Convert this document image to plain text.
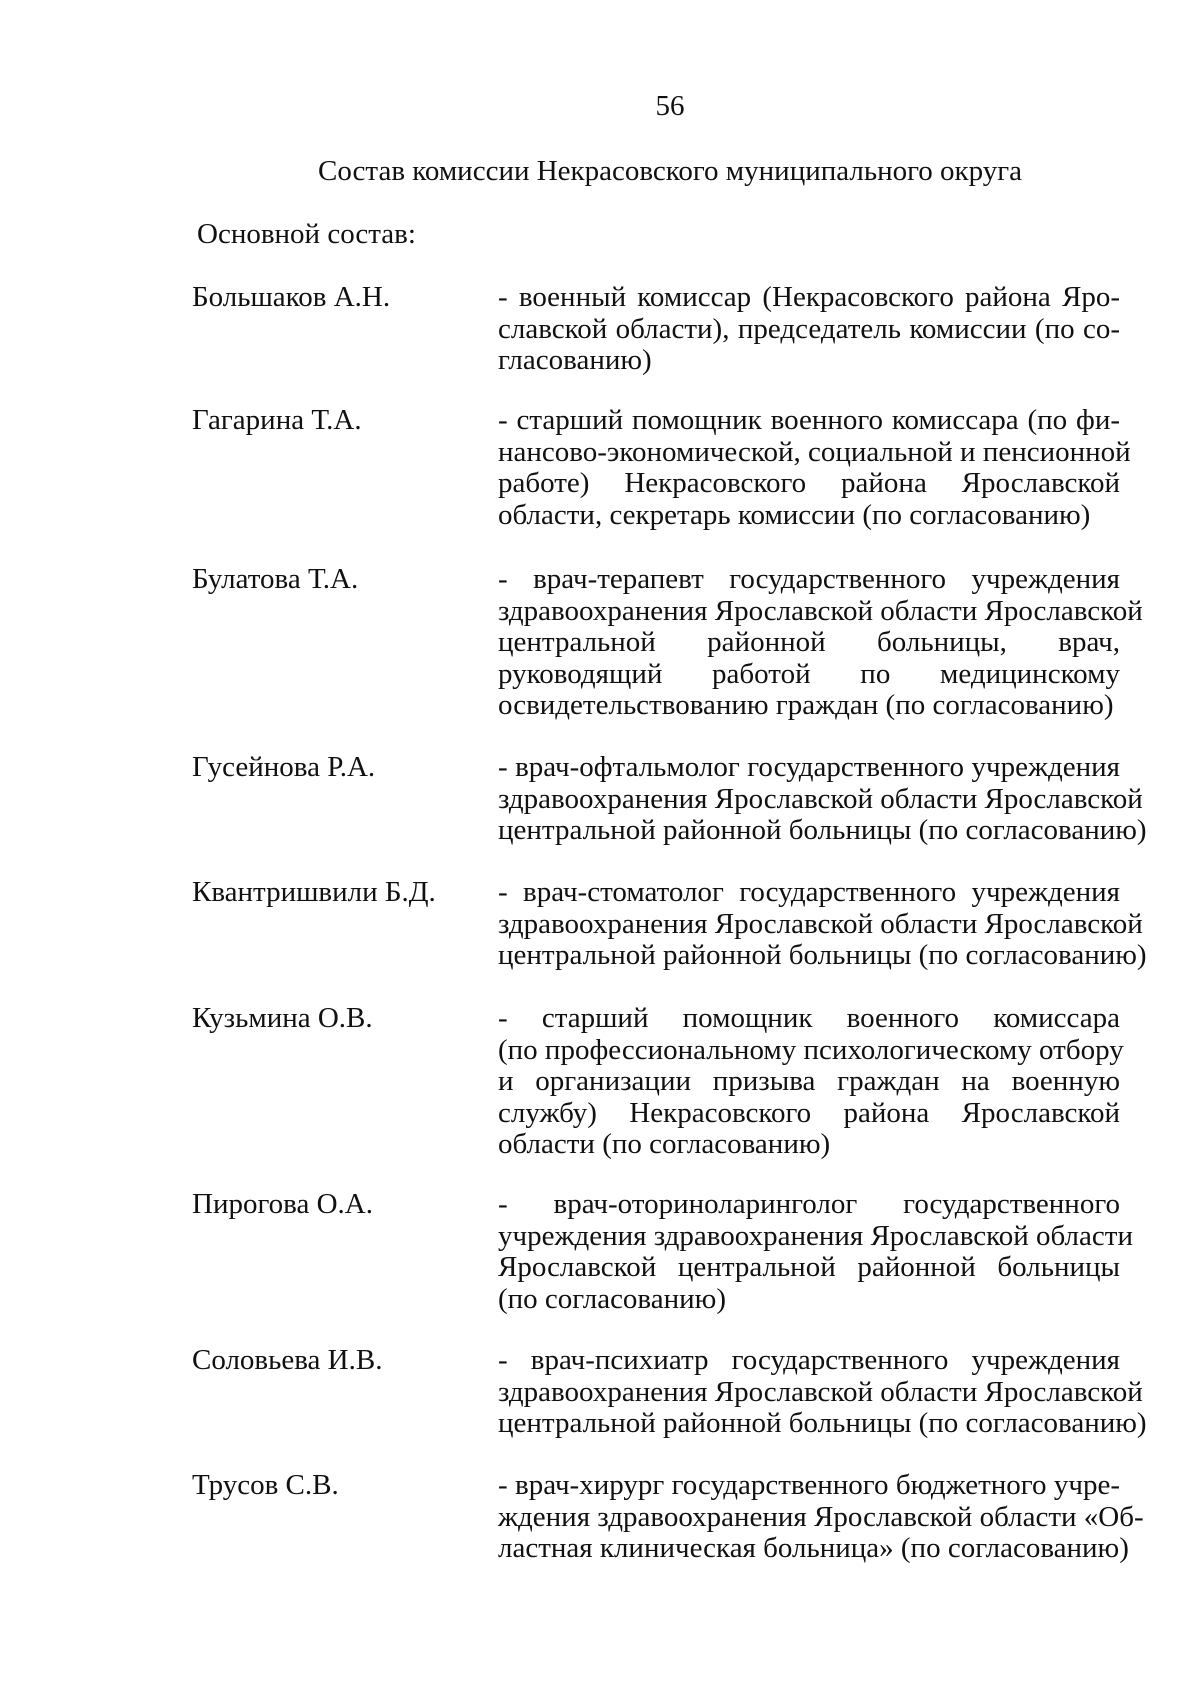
56
Состав комиссии Некрасовского муниципального округа
Основной состав:
Большаков А.Н.	- военный комиссар (Некрасовского района Яро-
славской области), председатель комиссии (по со-
гласованию)
Гагарина Т.А.	- старший помощник военного комиссара (по фи-
нансово-экономической, социальной и пенсионной
работе) Некрасовского района Ярославской
области, секретарь комиссии (по согласованию)
Булатова Т.А.	- врач-терапевт государственного учреждения
здравоохранения Ярославской области Ярославской
центральной районной больницы, врач,
руководящий работой по медицинскому
освидетельствованию граждан (по согласованию)
Гусейнова Р.А.	- врач-офтальмолог государственного учреждения
здравоохранения Ярославской области Ярославской
центральной районной больницы (по согласованию)
Квантришвили Б.Д. - врач-стоматолог государственного учреждения
здравоохранения Ярославской области Ярославской
центральной районной больницы (по согласованию)
Кузьмина О.В.	- старший помощник военного комиссара
(по профессиональному психологическому отбору
и организации призыва граждан на военную
службу) Некрасовского района Ярославской
области (по согласованию)
Пирогова О.А.	- врач-оториноларинголог государственного
учреждения здравоохранения Ярославской области
Ярославской центральной районной больницы
(по согласованию)
Соловьева И.В.	- врач-психиатр государственного учреждения
здравоохранения Ярославской области Ярославской
центральной районной больницы (по согласованию)
Трусов С.В.	- врач-хирург государственного бюджетного учре-
ждения здравоохранения Ярославской области «Об-
ластная клиническая больница» (по согласованию)
